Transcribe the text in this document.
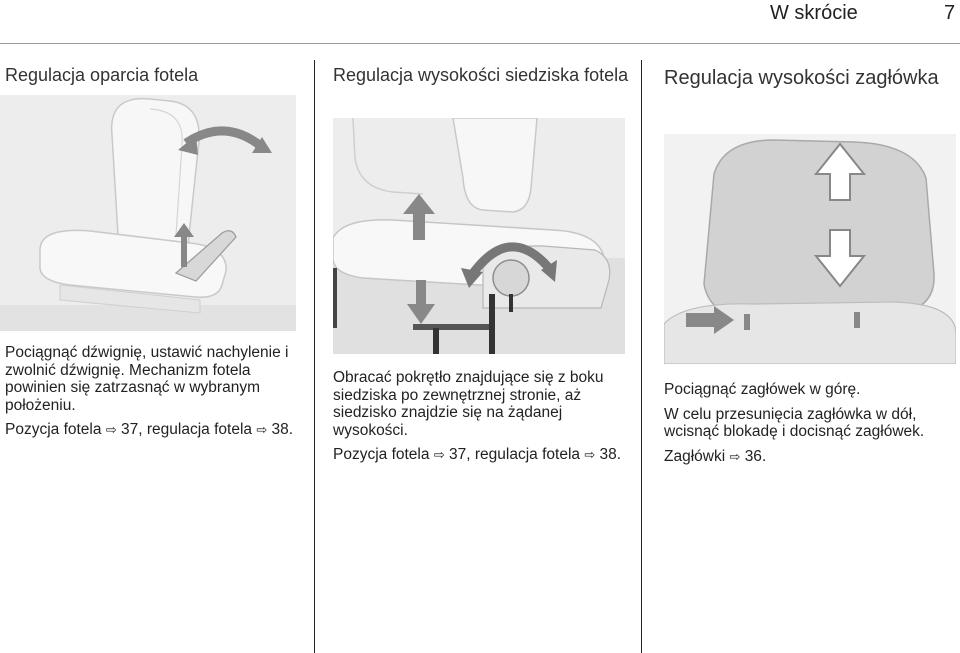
W skrócie	7
Regulacja oparcia fotela

Pociągnąć dźwignię, ustawić nachylenie i zwolnić dźwignię. Mechanizm fotela powinien się zatrzasnąć w wybranym położeniu.

Pozycja fotela ⇨ 37, regulacja fotela ⇨ 38.

Regulacja wysokości siedziska fotela

Obracać pokrętło znajdujące się z boku siedziska po zewnętrznej stronie, aż siedzisko znajdzie się na żądanej wysokości.

Pozycja fotela ⇨ 37, regulacja fotela ⇨ 38.

Regulacja wysokości zagłówka

Pociągnąć zagłówek w górę.

W celu przesunięcia zagłówka w dół, wcisnąć blokadę i docisnąć zagłówek.

Zagłówki ⇨ 36.
